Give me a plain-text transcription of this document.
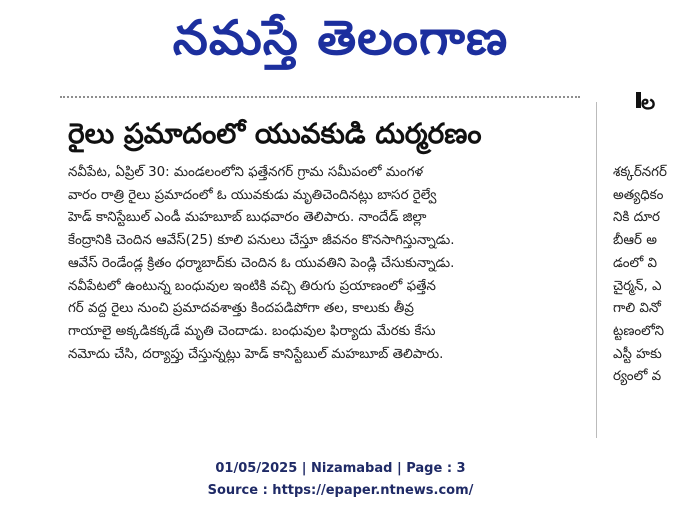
నమస్తే తెలంగాణ
ల
రైలు ప్రమాదంలో యువకుడి దుర్మరణం

నవీపేట, ఏప్రిల్ 30: మండలంలోని ఫత్తేనగర్ గ్రామ సమీపంలో మంగళ

వారం రాత్రి రైలు ప్రమాదంలో ఓ యువకుడు మృతిచెందినట్లు బాసర రైల్వే

హెడ్ కానిస్టేబుల్ ఎండీ మహబూబ్ బుధవారం తెలిపారు. నాందేడ్ జిల్లా

కేంద్రానికి చెందిన ఆవేస్(25) కూలి పనులు చేస్తూ జీవనం కొనసాగిస్తున్నాడు.

ఆవేస్ రెండేండ్ల క్రితం ధర్మాబాద్‌కు చెందిన ఓ యువతిని పెండ్లి చేసుకున్నాడు.

నవీపేటలో ఉంటున్న బంధువుల ఇంటికి వచ్చి తిరుగు ప్రయాణంలో ఫత్తేన

గర్ వద్ద రైలు నుంచి ప్రమాదవశాత్తు కిందపడిపోగా తల, కాలుకు తీవ్ర

గాయాలై అక్కడికక్కడే మృతి చెందాడు. బంధువుల ఫిర్యాదు మేరకు కేసు

నమోదు చేసి, దర్యాప్తు చేస్తున్నట్లు హెడ్ కానిస్టేబుల్ మహబూబ్ తెలిపారు.

శక్కర్‌నగర్

అత్యధికం

నికి దూర

బీఆర్ అ

డంలో వి

చైర్మన్, ఎ

గాలి వినో

ట్టణంలోని

ఎస్టీ హకు

ర్యంలో వ

01/05/2025 | Nizamabad | Page : 3
Source : https://epaper.ntnews.com/
